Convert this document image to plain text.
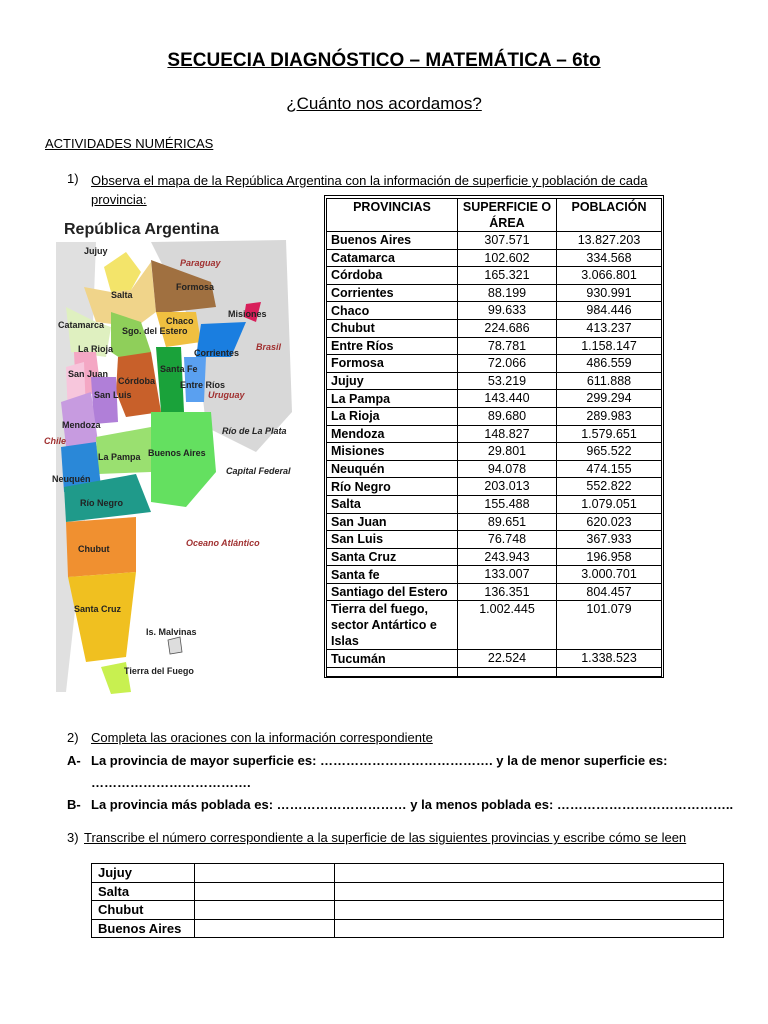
SECUECIA DIAGNÓSTICO – MATEMÁTICA – 6to
¿Cuánto nos acordamos?
ACTIVIDADES NUMÉRICAS
1) Observa el mapa de la República Argentina con la información de superficie y población de cada provincia:
República Argentina
Jujuy
Salta
Formosa
Paraguay
Catamarca
Sgo. del Estero
Chaco
Misiones
La Rioja	Corrientes
Brasil
San Juan
Córdoba
Santa Fe
Entre Ríos
San Luis	Uruguay
Mendoza
Chile
Río de La Plata
La Pampa Buenos Aires
Capital Federal
Neuquén
Río Negro
Chubut
Oceano Atlántico
Santa Cruz
Is. Malvinas
Tierra del Fuego
PROVINCIAS	SUPERFICIE O ÁREA	POBLACIÓN
Buenos Aires	307.571	13.827.203
Catamarca	102.602	334.568
Córdoba	165.321	3.066.801
Corrientes	88.199	930.991
Chaco	99.633	984.446
Chubut	224.686	413.237
Entre Ríos	78.781	1.158.147
Formosa	72.066	486.559
Jujuy	53.219	611.888
La Pampa	143.440	299.294
La Rioja	89.680	289.983
Mendoza	148.827	1.579.651
Misiones	29.801	965.522
Neuquén	94.078	474.155
Río Negro	203.013	552.822
Salta	155.488	1.079.051
San Juan	89.651	620.023
San Luis	76.748	367.933
Santa Cruz	243.943	196.958
Santa fe	133.007	3.000.701
Santiago del Estero	136.351	804.457
Tierra del fuego, sector Antártico e Islas	1.002.445	101.079
Tucumán	22.524	1.338.523

2) Completa las oraciones con la información correspondiente
A- La provincia de mayor superficie es: …………………………………. y la de menor superficie es:
……………………………….
B- La provincia más poblada es: ………………………… y la menos poblada es: …………………………………..
3) Transcribe el número correspondiente a la superficie de las siguientes provincias y escribe cómo se leen
Jujuy		
Salta		
Chubut		
Buenos Aires		
